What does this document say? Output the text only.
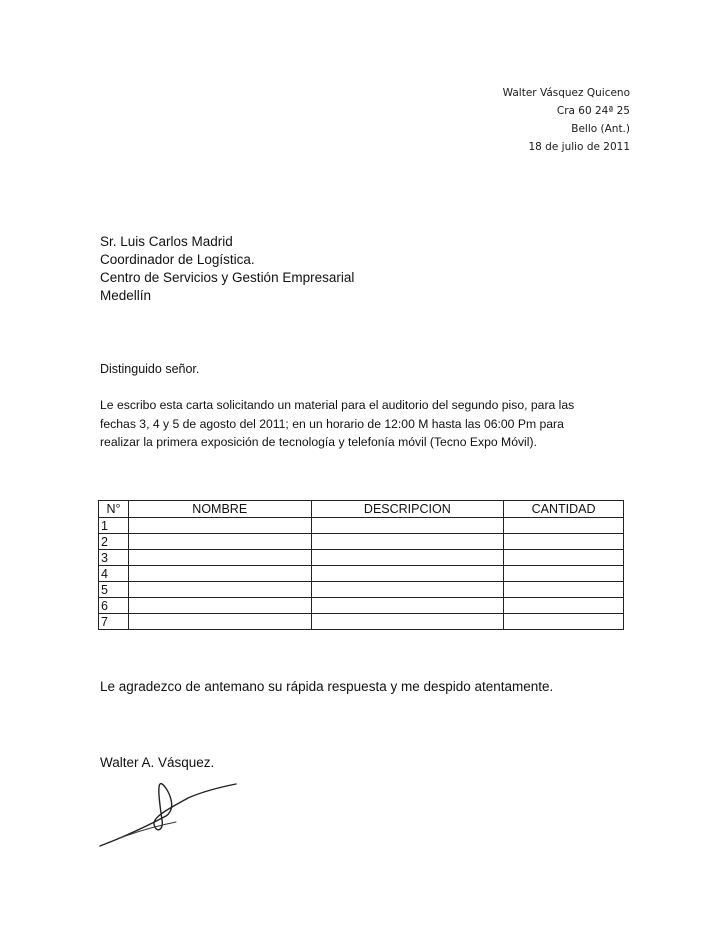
Walter Vásquez Quiceno
Cra 60 24ª 25
Bello (Ant.)
18 de julio de 2011
Sr. Luis Carlos Madrid
Coordinador de Logística.
Centro de Servicios y Gestión Empresarial
Medellín
Distinguido señor.
Le escribo esta carta solicitando un material para el auditorio del segundo piso, para las
fechas 3, 4 y 5 de agosto del 2011; en un horario de 12:00 M hasta las 06:00 Pm para
realizar la primera exposición de tecnología y telefonía móvil (Tecno Expo Móvil).
N°	NOMBRE	DESCRIPCION	CANTIDAD
1			
2			
3			
4			
5			
6			
7			
Le agradezco de antemano su rápida respuesta y me despido atentamente.
Walter A. Vásquez.
